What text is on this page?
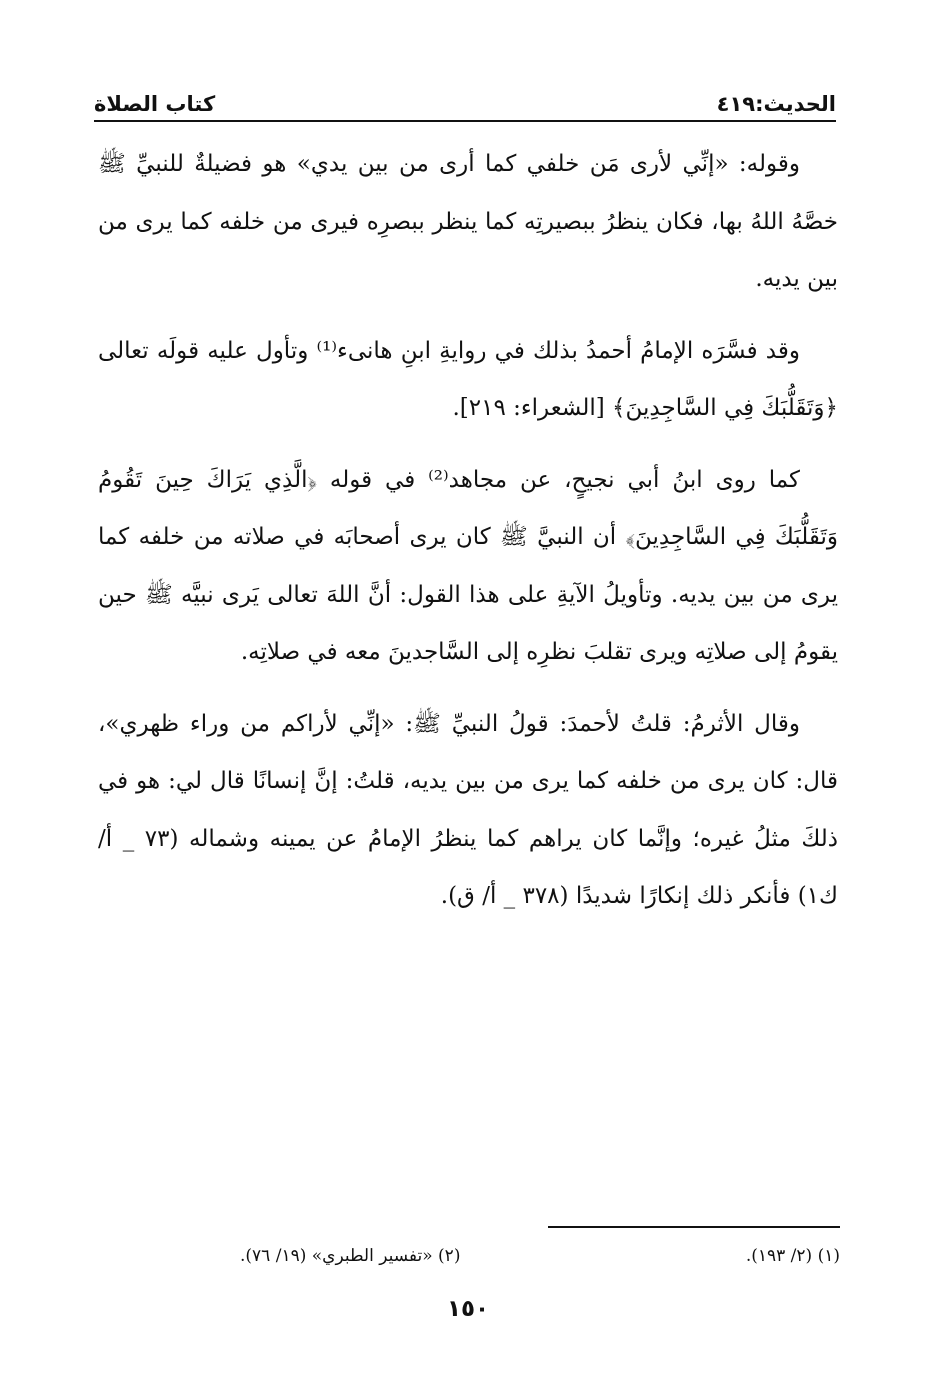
الحديث:٤١٩
كتاب الصلاة

وقوله: «إنِّي لأرى مَن خلفي كما أرى من بين يدي» هو فضيلةٌ للنبيِّ ﷺ خصَّهُ اللهُ بها، فكان ينظرُ ببصيرتِه كما ينظر ببصرِه فيرى من خلفه كما يرى من بين يديه.

وقد فسَّرَه الإمامُ أحمدُ بذلك في روايةِ ابنِ هانىء⁽¹⁾ وتأول عليه قولَه تعالى ﴿وَتَقَلُّبَكَ فِي السَّاجِدِينَ﴾ [الشعراء: ٢١٩].

كما روى ابنُ أبي نجيحٍ، عن مجاهد⁽²⁾ في قوله ﴿الَّذِي يَرَاكَ حِينَ تَقُومُ وَتَقَلُّبَكَ فِي السَّاجِدِينَ﴾ أن النبيَّ ﷺ كان يرى أصحابَه في صلاته من خلفه كما يرى من بين يديه. وتأويلُ الآيةِ على هذا القول: أنَّ اللهَ تعالى يَرى نبيَّه ﷺ حين يقومُ إلى صلاتِه ويرى تقلبَ نظرِه إلى السَّاجدينَ معه في صلاتِه.

وقال الأثرمُ: قلتُ لأحمدَ: قولُ النبيِّ ﷺ: «إنِّي لأراكم من وراء ظهري»، قال: كان يرى من خلفه كما يرى من بين يديه، قلتُ: إنَّ إنسانًا قال لي: هو في ذلكَ مثلُ غيره؛ وإنَّما كان يراهم كما ينظرُ الإمامُ عن يمينه وشماله (٧٣ _ أ/ ك١) فأنكر ذلك إنكارًا شديدًا (٣٧٨ _ أ/ ق).

(١) (٢/ ١٩٣).
(٢) «تفسير الطبري» (١٩/ ٧٦).
١٥٠
